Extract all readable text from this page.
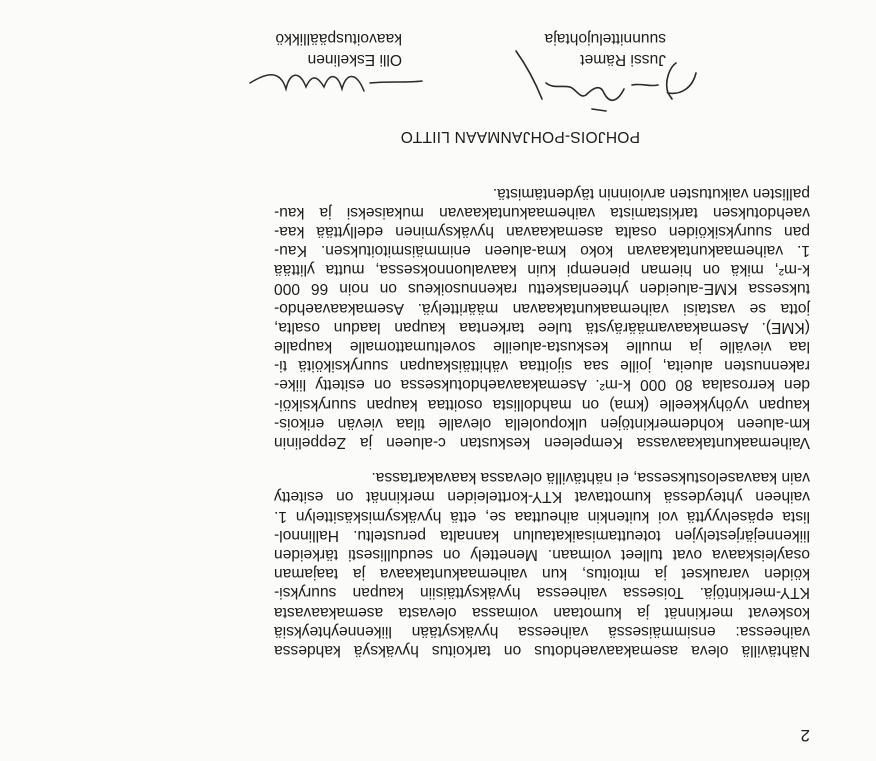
2

Nähtävillä oleva asemakaavaehdotus on tarkoitus hyväksyä kahdessa
vaiheessa: ensimmäisessä vaiheessa hyväksytään liikenneyhteyksiä
koskevat merkinnät ja kumotaan voimassa olevasta asemakaavasta
KTY-merkintöjä. Toisessa vaiheessa hyväksyttäisiin kaupan suuryksi-
köiden varaukset ja mitoitus, kun vaihemaakuntakaava ja taajaman
osayleiskaava ovat tulleet voimaan. Menettely on seudullisesti tärkeiden
liikennejärjestelyjen toteuttamisaikataulun kannalta perusteltu. Hallinnol-
lista epäselvyyttä voi kuitenkin aiheuttaa se, että hyväksymiskäsittelyn 1.
vaiheen yhteydessä kumottavat KTY-kortteleiden merkinnät on esitetty
vain kaavaselostuksessa, ei nähtävillä olevassa kaavakartassa.
Vaihemaakuntakaavassa Kempeleen keskustan c-alueen ja Zeppelinin
km-alueen kohdemerkintöjen ulkopuolella olevalle tilaa vievän erikois-
kaupan vyöhykkeelle (kma) on mahdollista osoittaa kaupan suuryksiköi-
den kerrosalaa 80 000 k-m². Asemakaavaehdotuksessa on esitetty liike-
rakennusten alueita, joille saa sijoittaa vähittäiskaupan suuryksiköitä ti-
laa vievälle ja muulle keskusta-alueille soveltumattomalle kaupalle
(KME). Asemakaavamääräystä tulee tarkentaa kaupan laadun osalta,
jotta se vastaisi vaihemaakuntakaavan määrittelyä. Asemakaavaehdo-
tuksessa KME-alueiden yhteenlaskettu rakennusoikeus on noin 66 000
k-m², mikä on hieman pienempi kuin kaavaluonnoksessa, mutta ylittää
1. vaihemaakuntakaavan koko kma-alueen enimmäismitoituksen. Kau-
pan suuryksiköiden osalta asemakaavan hyväksyminen edellyttää kaa-
vaehdotuksen tarkistamista vaihemaakuntakaavan mukaiseksi ja kau-
pallisten vaikutusten arvioinnin täydentämistä.

POHJOIS-POHJANMAAN LIITTO

Jussi Rämet
suunnittelujohtaja
Olli Eskelinen
kaavoituspäällikkö
